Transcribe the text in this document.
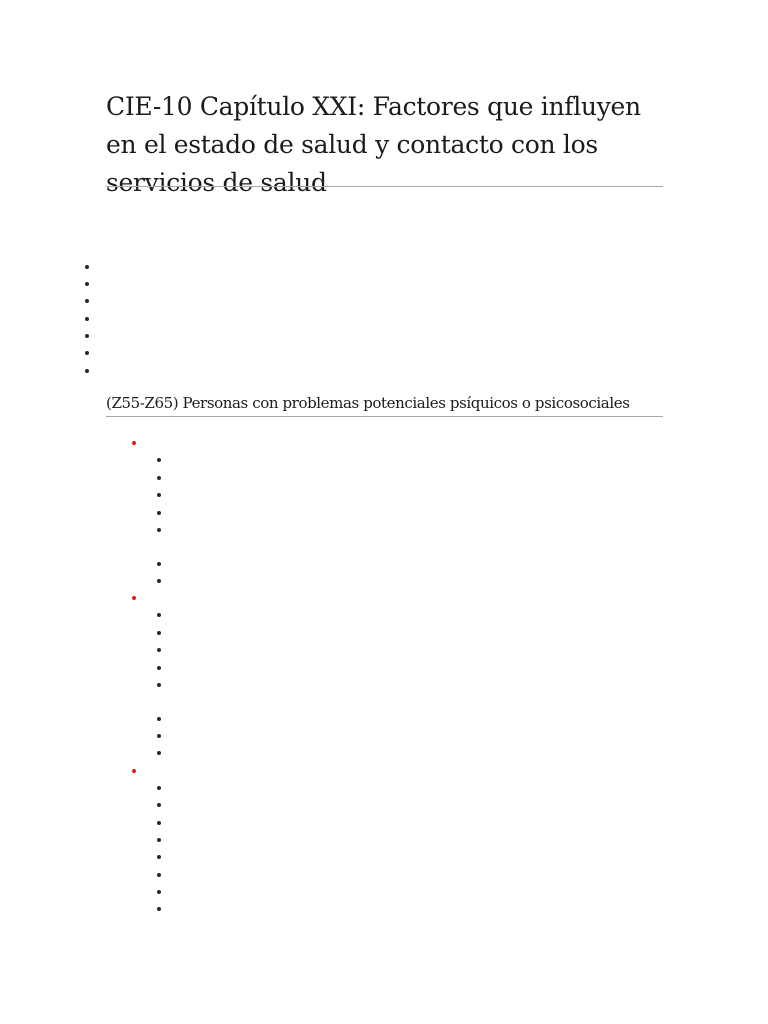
CIE-10 Capítulo XXI: Factores que influyen en el estado de salud y contacto con los servicios de salud
(Z55-Z65) Personas con problemas potenciales psíquicos o psicosociales
